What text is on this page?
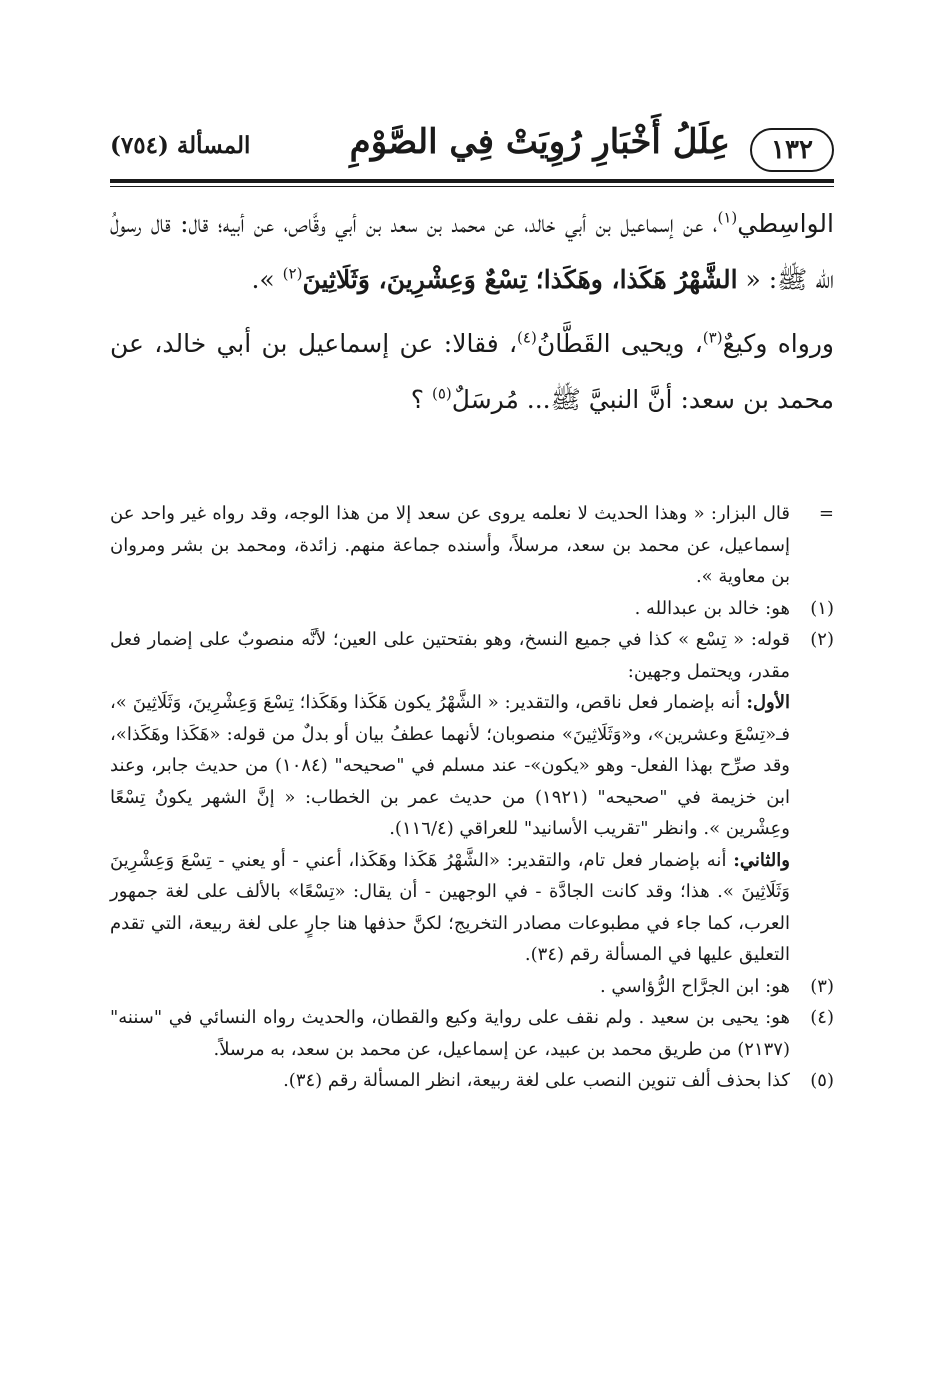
١٣٢
عِلَلُ أَخْبَارِ رُوِيَتْ فِي الصَّوْمِ
المسألة (٧٥٤)

الواسِطي$^{(١)}$، عن إسماعيل بن أبي خالد، عن محمد بن سعد بن أبي وقَّاص، عن أبيه؛ قال: قال رسولُ الله ﷺ: « الشَّهْرُ هَكَذا، وهَكَذا؛ تِسْعٌ وَعِشْرِينَ، وَثَلَاثِينَ$^{(٢)}$ ».

ورواه وكيعٌ$^{(٣)}$، ويحيى القَطَّانُ$^{(٤)}$، فقالا: عن إسماعيل بن أبي خالد، عن محمد بن سعد: أنَّ النبيَّ ﷺ... مُرسَلٌ$^{(٥)}$ ؟

=
قال البزار: « وهذا الحديث لا نعلمه يروى عن سعد إلا من هذا الوجه، وقد رواه غير واحد عن إسماعيل، عن محمد بن سعد، مرسلاً، وأسنده جماعة منهم. زائدة، ومحمد بن بشر ومروان بن معاوية ».
(١)
هو: خالد بن عبدالله .
(٢)

قوله: « تِسْع » كذا في جميع النسخ، وهو بفتحتين على العين؛ لأنَّه منصوبٌ على إضمار فعل مقدر، ويحتمل وجهين:

الأول: أنه بإضمار فعل ناقص، والتقدير: « الشَّهْرُ يكون هَكَذا وهَكَذا؛ تِسْعَ وَعِشْرِينَ، وَثَلَاثِينَ »، فـ«تِسْعَ وعشرين»، و«وَثَلَاثِينَ» منصوبان؛ لأنهما عطفُ بيان أو بدلٌ من قوله: «هَكَذا وهَكَذا»، وقد صرِّح بهذا الفعل- وهو «يكون»- عند مسلم في "صحيحه" (١٠٨٤) من حديث جابر، وعند ابن خزيمة في "صحيحه" (١٩٢١) من حديث عمر بن الخطاب: « إنَّ الشهر يكونُ تِسْعًا وعِشْرين ». وانظر "تقريب الأسانيد" للعراقي (١١٦/٤).

والثاني: أنه بإضمار فعل تام، والتقدير: «الشَّهْرُ هَكَذا وهَكَذا، أعني - أو يعني - تِسْعَ وَعِشْرِينَ وَثَلَاثِينَ ». هذا؛ وقد كانت الجادَّة - في الوجهين - أن يقال: «تِسْعًا» بالألف على لغة جمهور العرب، كما جاء في مطبوعات مصادر التخريج؛ لكنَّ حذفها هنا جارٍ على لغة ربيعة، التي تقدم التعليق عليها في المسألة رقم (٣٤).

(٣)
هو: ابن الجرَّاح الرُّؤاسي .
(٤)
هو: يحيى بن سعيد . ولم نقف على رواية وكيع والقطان، والحديث رواه النسائي في "سننه" (٢١٣٧) من طريق محمد بن عبيد، عن إسماعيل، عن محمد بن سعد، به مرسلاً.
(٥)
كذا بحذف ألف تنوين النصب على لغة ربيعة، انظر المسألة رقم (٣٤).
